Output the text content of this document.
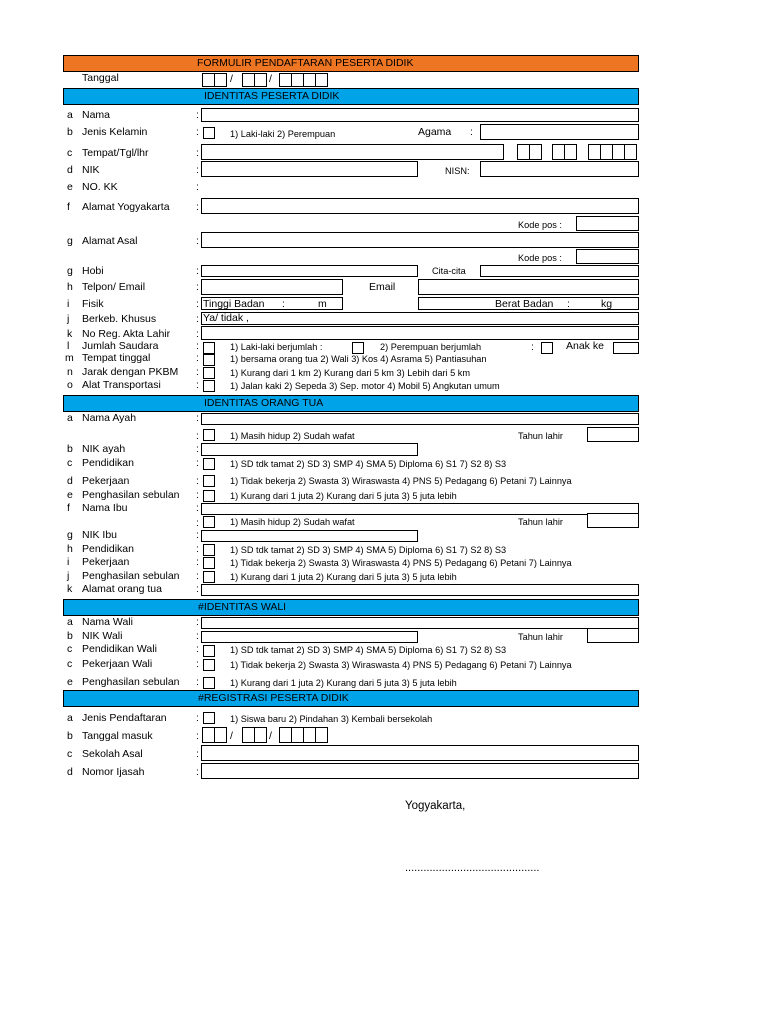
FORMULIR PENDAFTARAN PESERTA DIDIK
Tanggal	/	/
IDENTITAS PESERTA DIDIK
a Nama	:
b Jenis Kelamin	:	1) Laki-laki 2) Perempuan	Agama :
c Tempat/Tgl/lhr	:
d NIK	:	NISN:
e NO. KK	:
f Alamat Yogyakarta	:
Kode pos :
g Alamat Asal	:
Kode pos :
g Hobi	:	Cita-cita
h Telpon/ Email	:	Email
i Fisik	: Tinggi Badan :	m	Berat Badan :	kg
j Berkeb. Khusus	: Ya/ tidak ,
k No Reg. Akta Lahir :
l Jumlah Saudara	:	1) Laki-laki berjumlah :	2) Perempuan berjumlah	:	Anak ke
m Tempat tinggal	:	1) bersama orang tua 2) Wali 3) Kos 4) Asrama 5) Pantiasuhan
n Jarak dengan PKBM :	1) Kurang dari 1 km 2) Kurang dari 5 km 3) Lebih dari 5 km
o Alat Transportasi	:	1) Jalan kaki 2) Sepeda 3) Sep. motor 4) Mobil 5) Angkutan umum
IDENTITAS ORANG TUA
a Nama Ayah	:
:	1) Masih hidup 2) Sudah wafat	Tahun lahir
b NIK ayah	:
c Pendidikan	:	1) SD tdk tamat 2) SD 3) SMP 4) SMA 5) Diploma 6) S1 7) S2 8) S3
d Pekerjaan	:	1) Tidak bekerja 2) Swasta 3) Wiraswasta 4) PNS 5) Pedagang 6) Petani 7) Lainnya
e Penghasilan sebulan :	1) Kurang dari 1 juta 2) Kurang dari 5 juta 3) 5 juta lebih
f Nama Ibu	:
:	1) Masih hidup 2) Sudah wafat	Tahun lahir
g NIK Ibu	:
h Pendidikan	:	1) SD tdk tamat 2) SD 3) SMP 4) SMA 5) Diploma 6) S1 7) S2 8) S3
i Pekerjaan	:	1) Tidak bekerja 2) Swasta 3) Wiraswasta 4) PNS 5) Pedagang 6) Petani 7) Lainnya
j Penghasilan sebulan :	1) Kurang dari 1 juta 2) Kurang dari 5 juta 3) 5 juta lebih
k Alamat orang tua	:
#IDENTITAS WALI
a Nama Wali	:
b NIK Wali	:	Tahun lahir
c Pendidikan Wali	:	1) SD tdk tamat 2) SD 3) SMP 4) SMA 5) Diploma 6) S1 7) S2 8) S3
c Pekerjaan Wali	:	1) Tidak bekerja 2) Swasta 3) Wiraswasta 4) PNS 5) Pedagang 6) Petani 7) Lainnya
e Penghasilan sebulan :	1) Kurang dari 1 juta 2) Kurang dari 5 juta 3) 5 juta lebih
#REGISTRASI PESERTA DIDIK
a Jenis Pendaftaran	:	1) Siswa baru 2) Pindahan 3) Kembali bersekolah
b Tanggal masuk	:	/	/
c Sekolah Asal	:
d Nomor Ijasah	:
Yogyakarta,
............................................
